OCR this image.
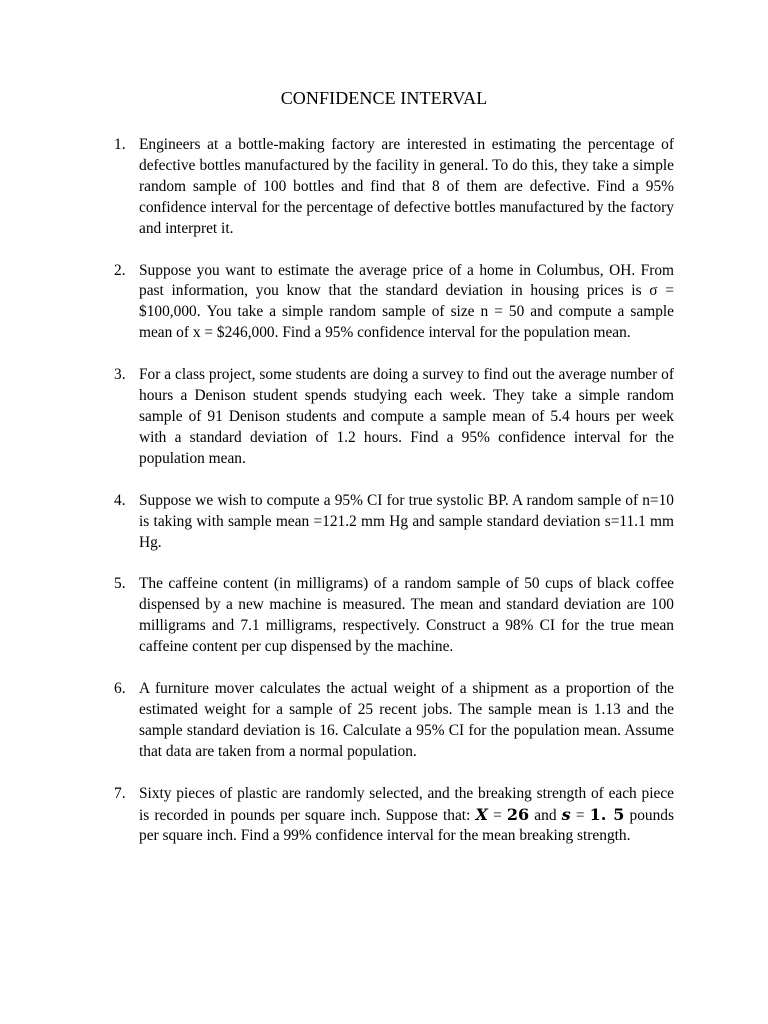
CONFIDENCE INTERVAL
1. Engineers at a bottle-making factory are interested in estimating the percentage of defective bottles manufactured by the facility in general. To do this, they take a simple random sample of 100 bottles and find that 8 of them are defective. Find a 95% confidence interval for the percentage of defective bottles manufactured by the factory and interpret it.
2. Suppose you want to estimate the average price of a home in Columbus, OH. From past information, you know that the standard deviation in housing prices is σ = $100,000. You take a simple random sample of size n = 50 and compute a sample mean of x = $246,000. Find a 95% confidence interval for the population mean.
3. For a class project, some students are doing a survey to find out the average number of hours a Denison student spends studying each week. They take a simple random sample of 91 Denison students and compute a sample mean of 5.4 hours per week with a standard deviation of 1.2 hours. Find a 95% confidence interval for the population mean.
4. Suppose we wish to compute a 95% CI for true systolic BP. A random sample of n=10 is taking with sample mean =121.2 mm Hg and sample standard deviation s=11.1 mm Hg.
5. The caffeine content (in milligrams) of a random sample of 50 cups of black coffee dispensed by a new machine is measured. The mean and standard deviation are 100 milligrams and 7.1 milligrams, respectively. Construct a 98% CI for the true mean caffeine content per cup dispensed by the machine.
6. A furniture mover calculates the actual weight of a shipment as a proportion of the estimated weight for a sample of 25 recent jobs. The sample mean is 1.13 and the sample standard deviation is 16. Calculate a 95% CI for the population mean. Assume that data are taken from a normal population.
7. Sixty pieces of plastic are randomly selected, and the breaking strength of each piece is recorded in pounds per square inch. Suppose that: X = 26 and s = 1. 5 pounds per square inch. Find a 99% confidence interval for the mean breaking strength.
